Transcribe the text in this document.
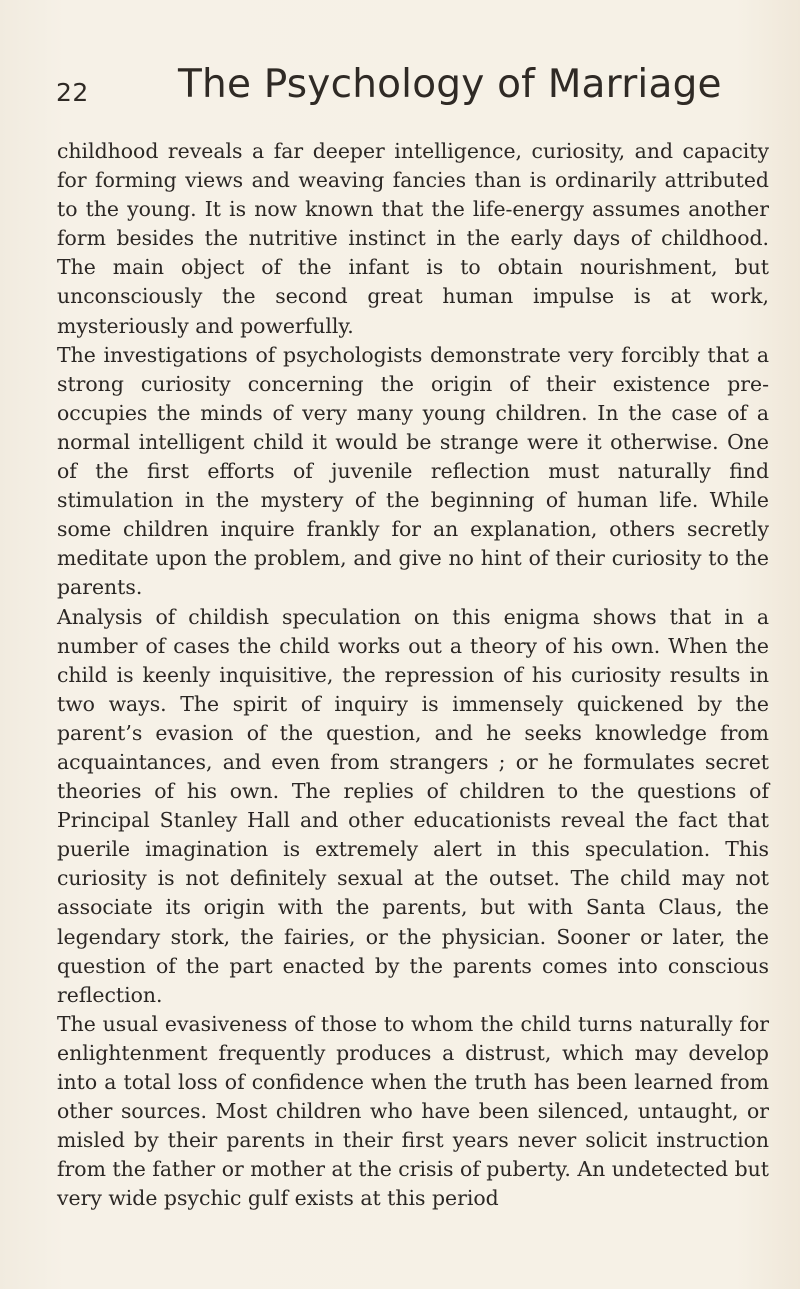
22 The Psychology of Marriage

childhood reveals a far deeper intelligence, curiosity, and capacity for forming views and weaving fancies than is ordinarily attributed to the young. It is now known that the life-energy assumes another form besides the nutritive instinct in the early days of childhood. The main object of the infant is to obtain nourishment, but unconsciously the second great human impulse is at work, mysteriously and powerfully.

The investigations of psychologists demonstrate very forcibly that a strong curiosity concerning the origin of their existence pre-occupies the minds of very many young children. In the case of a normal intelligent child it would be strange were it otherwise. One of the first efforts of juvenile reflection must naturally find stimulation in the mystery of the beginning of human life. While some children inquire frankly for an explanation, others secretly meditate upon the problem, and give no hint of their curiosity to the parents.

Analysis of childish speculation on this enigma shows that in a number of cases the child works out a theory of his own. When the child is keenly inquisitive, the repression of his curiosity results in two ways. The spirit of inquiry is immensely quickened by the parent’s evasion of the question, and he seeks knowledge from acquaintances, and even from strangers ; or he formulates secret theories of his own. The replies of children to the questions of Principal Stanley Hall and other educationists reveal the fact that puerile imagination is extremely alert in this speculation. This curiosity is not definitely sexual at the outset. The child may not associate its origin with the parents, but with Santa Claus, the legendary stork, the fairies, or the physician. Sooner or later, the question of the part enacted by the parents comes into conscious reflection.

The usual evasiveness of those to whom the child turns naturally for enlightenment frequently produces a distrust, which may develop into a total loss of confidence when the truth has been learned from other sources. Most children who have been silenced, untaught, or misled by their parents in their first years never solicit instruction from the father or mother at the crisis of puberty. An undetected but very wide psychic gulf exists at this period
